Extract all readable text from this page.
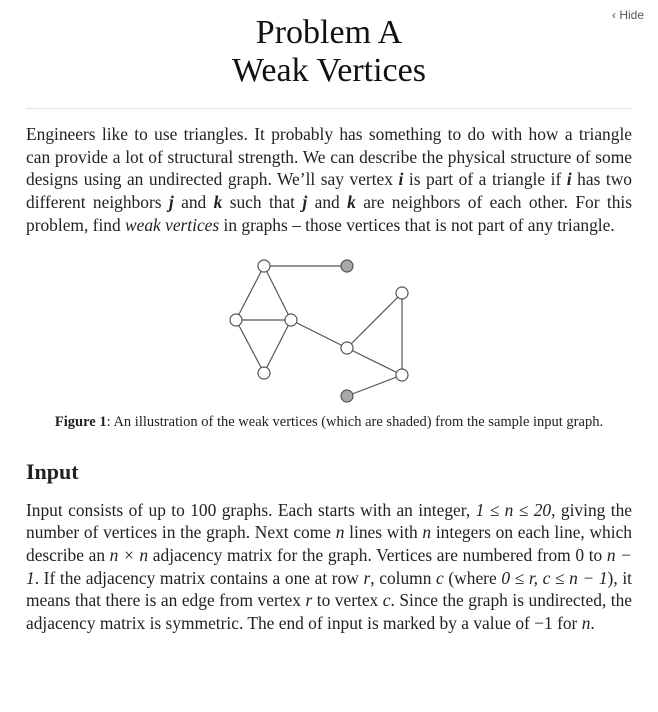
‹ Hide
Problem A
Weak Vertices

Engineers like to use triangles. It probably has something to do with how a triangle can provide a lot of structural strength. We can describe the physical structure of some designs using an undirected graph. We’ll say vertex i is part of a triangle if i has two different neighbors j and k such that j and k are neighbors of each other. For this problem, find weak vertices in graphs – those vertices that is not part of any triangle.

Figure 1: An illustration of the weak vertices (which are shaded) from the sample input graph.
Input

Input consists of up to 100 graphs. Each starts with an integer, 1 ≤ n ≤ 20, giving the number of vertices in the graph. Next come n lines with n integers on each line, which describe an n × n adjacency matrix for the graph. Vertices are numbered from 0 to n − 1. If the adjacency matrix contains a one at row r, column c (where 0 ≤ r, c ≤ n − 1), it means that there is an edge from vertex r to vertex c. Since the graph is undirected, the adjacency matrix is symmetric. The end of input is marked by a value of −1 for n.
